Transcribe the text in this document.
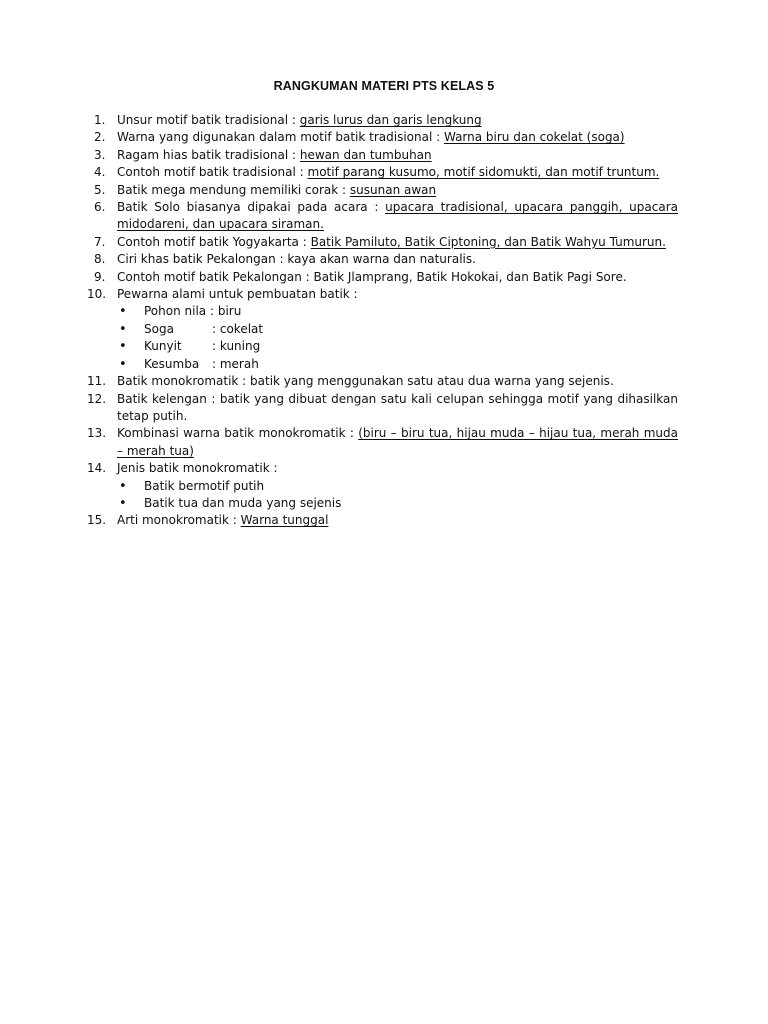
RANGKUMAN MATERI PTS KELAS 5
1. Unsur motif batik tradisional : garis lurus dan garis lengkung
2. Warna yang digunakan dalam motif batik tradisional : Warna biru dan cokelat (soga)
3. Ragam hias batik tradisional : hewan dan tumbuhan
4. Contoh motif batik tradisional : motif parang kusumo, motif sidomukti, dan motif truntum.
5. Batik mega mendung memiliki corak : susunan awan
6. Batik Solo biasanya dipakai pada acara : upacara tradisional, upacara panggih, upacara midodareni, dan upacara siraman.
7. Contoh motif batik Yogyakarta : Batik Pamiluto, Batik Ciptoning, dan Batik Wahyu Tumurun.
8. Ciri khas batik Pekalongan : kaya akan warna dan naturalis.
9. Contoh motif batik Pekalongan : Batik Jlamprang, Batik Hokokai, dan Batik Pagi Sore.
10. Pewarna alami untuk pembuatan batik :
• Pohon nila : biru
• Soga	: cokelat
• Kunyit	: kuning
• Kesumba : merah
11. Batik monokromatik : batik yang menggunakan satu atau dua warna yang sejenis.
12. Batik kelengan : batik yang dibuat dengan satu kali celupan sehingga motif yang dihasilkan tetap putih.
13. Kombinasi warna batik monokromatik : (biru – biru tua, hijau muda – hijau tua, merah muda – merah tua)
14. Jenis batik monokromatik :
• Batik bermotif putih
• Batik tua dan muda yang sejenis
15. Arti monokromatik : Warna tunggal
